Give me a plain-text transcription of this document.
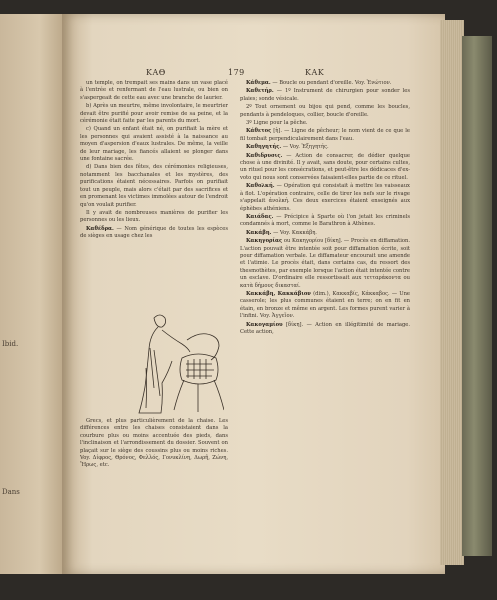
Ibid.
Dans
ΚΑΘ	179	ΚΑΚ

un temple, on trempait ses mains dans un vase placé à l'entrée et renfermant de l'eau lustrale, ou bien on s'aspergeait de cette eau avec une branche de laurier.

b) Après un meurtre, même involontaire, le meurtrier devait être purifié pour avoir remise de sa peine, et la cérémonie était faite par les parents du mort.

c) Quand un enfant était né, on purifiait la mère et les personnes qui avaient assisté à la naissance au moyen d'aspersion d'eaux lustrales. De même, la veille de leur mariage, les fiancés allaient se plonger dans une fontaine sacrée.

d) Dans bien des fêtes, des cérémonies religieuses, notamment les bacchanales et les mystères, des purifications étaient nécessaires. Parfois on purifiait tout un peuple, mais alors c'était par des sacrifices et en promenant les victimes immolées autour de l'endroit qu'on voulait purifier.

Il y avait de nombreuses manières de purifier les personnes ou les lieux.

Καθέδρα. — Nom générique de toutes les espèces de sièges en usage chez les

Grecs, et plus particulièrement de la chaise. Les différences entre les chaises consistaient dans la courbure plus ou moins accentuée des pieds, dans l'inclinaison et l'arrondissement du dossier. Souvent on plaçait sur le siège des coussins plus ou moins riches. Voy. Δίφρος, Θρόνος, Φελλός, Γονυκλίνη, Δωρῆ, Ζώνη, Ἥρως, etc.

Κάθεμα. — Boucle ou pendant d'oreille. Voy. Ἐνώτιον.

Καθετήρ. — 1º Instrument de chirurgien pour sonder les plaies; sonde vésicale.

2º Tout ornement ou bijou qui pend, comme les boucles, pendants à pendeloques, collier, boucle d'oreille.

3º Ligne pour la pêche.

Κάθετος [ἡ]. — Ligne de pêcheur; le nom vient de ce que le fil tombait perpendiculairement dans l'eau.

Καθηγητής. — Voy. Ἐξηγητής.

Καθιδρυσις. — Action de consacrer, de dédier quelque chose à une divinité. Il y avait, sans doute, pour certains cultes, un rituel pour les consécrations, et peut-être les dédicaces d'ex-voto qui nous sont conservées faisaient-elles partie de ce rituel.

Καθολκή. — Opération qui consistait à mettre les vaisseaux à flot. L'opération contraire, celle de tirer les nefs sur le rivage s'appelait ἀνολκή. Ces deux exercices étaient enseignés aux éphèbes athéniens.

Καιάδας. — Précipice à Sparte où l'on jetait les criminels condamnés à mort, comme le Barathron à Athènes.

Κακάβη. — Voy. Κακκάβη.

Κακηγορίας ou Κακηγορίου [δίκη]. — Procès en diffamation. L'action pouvait être intentée soit pour diffamation écrite, soit pour diffamation verbale. Le diffamateur encourait une amende et l'atimie. Le procès était, dans certains cas, du ressort des thesmothètes, par exemple lorsque l'action était intentée contre un esclave. D'ordinaire elle ressortissait aux τετταράκοντα ou κατὰ δήμους δικασταί.

Κακκάβη, Κακκάβιον (dim.), Κακκαβίς, Κάκκαβος. — Une casserole; les plus communes étaient en terre; on en fit en étain, en bronze et même en argent. Les formes purent varier à l'infini. Voy. Ἀγγεῖον.

Κακογαμίου [δίκη]. — Action en illégitimité de mariage. Cette action,
